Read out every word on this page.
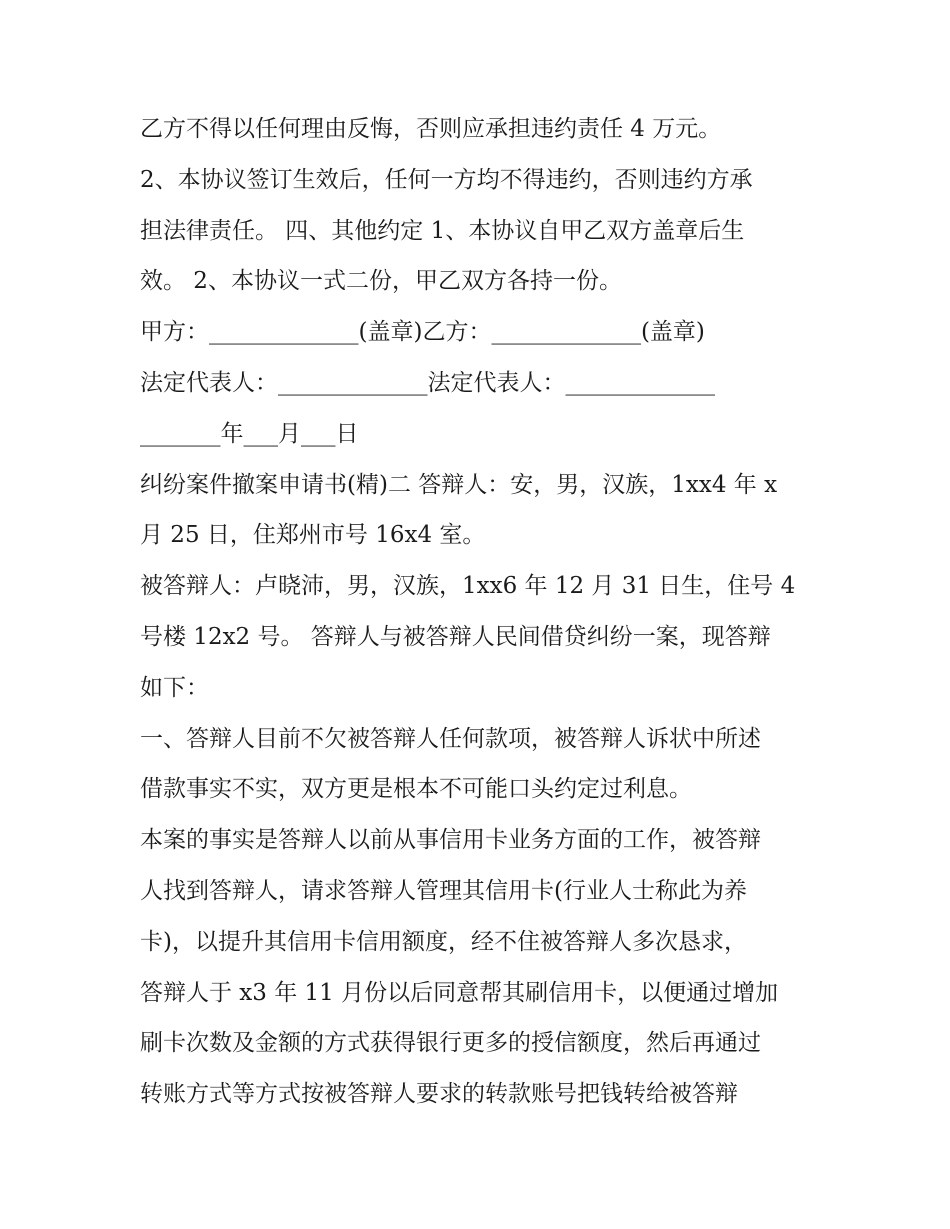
乙方不得以任何理由反悔，否则应承担违约责任 4 万元。
2、本协议签订生效后，任何一方均不得违约，否则违约方承
担法律责任。 四、其他约定 1、本协议自甲乙双方盖章后生
效。 2、本协议一式二份，甲乙双方各持一份。
甲方：_____________(盖章)乙方：_____________(盖章)
法定代表人：_____________法定代表人：_____________
_______年___月___日
纠纷案件撤案申请书(精)二 答辩人：安，男，汉族，1xx4 年 x
月 25 日，住郑州市号 16x4 室。
被答辩人：卢晓沛，男，汉族，1xx6 年 12 月 31 日生，住号 4
号楼 12x2 号。 答辩人与被答辩人民间借贷纠纷一案，现答辩
如下：
一、答辩人目前不欠被答辩人任何款项，被答辩人诉状中所述
借款事实不实，双方更是根本不可能口头约定过利息。
本案的事实是答辩人以前从事信用卡业务方面的工作，被答辩
人找到答辩人，请求答辩人管理其信用卡(行业人士称此为养
卡)，以提升其信用卡信用额度，经不住被答辩人多次恳求，
答辩人于 x3 年 11 月份以后同意帮其刷信用卡，以便通过增加
刷卡次数及金额的方式获得银行更多的授信额度，然后再通过
转账方式等方式按被答辩人要求的转款账号把钱转给被答辩
